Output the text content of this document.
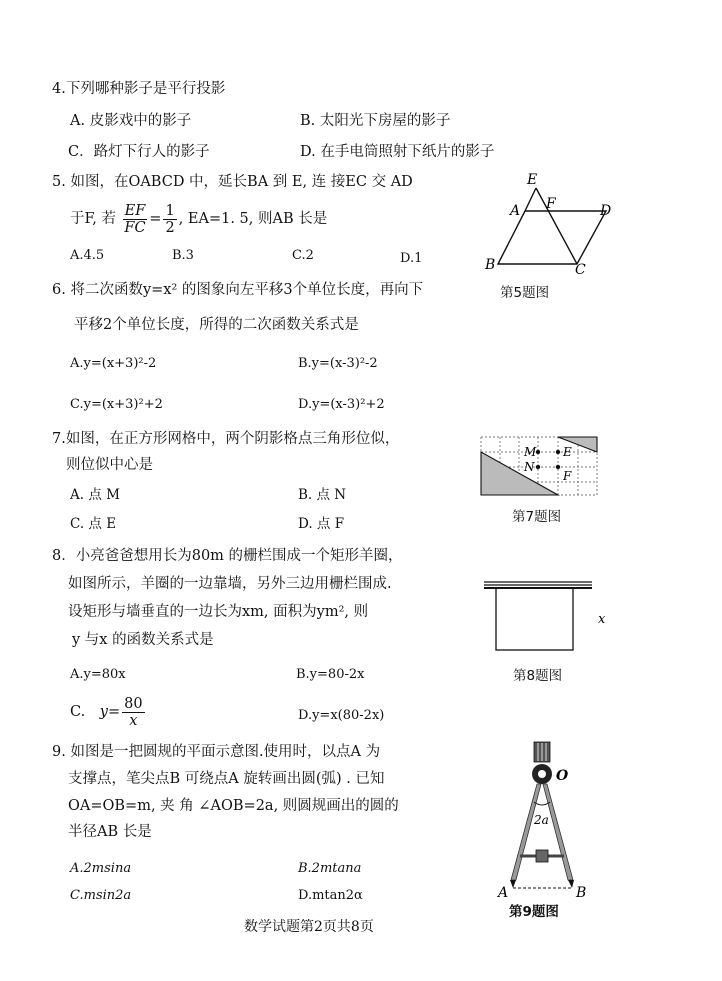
4.下列哪种影子是平行投影
A. 皮影戏中的影子	B. 太阳光下房屋的影子
C．路灯下行人的影子	D. 在手电筒照射下纸片的影子
5. 如图，在OABCD 中，延长BA 到 E, 连 接EC 交 AD
于F, 若 $\frac{EF}{FC} = \frac{1}{2}$ , EA=1. 5, 则AB 长是
A.4.5	B.3	C.2	D.1
E
A F	D
B	C
第5题图
6. 将二次函数y=x² 的图象向左平移3个单位长度，再向下
平移2个单位长度，所得的二次函数关系式是
A.y=(x+3)²-2	B.y=(x-3)²-2
C.y=(x+3)²+2	D.y=(x-3)²+2
7.如图，在正方形网格中，两个阴影格点三角形位似，
则位似中心是
A. 点 M	B. 点 N
C. 点 E	D. 点 F
M
N
E
F
第7题图
8．小亮爸爸想用长为80m 的栅栏围成一个矩形羊圈，
如图所示，羊圈的一边靠墙，另外三边用栅栏围成.
设矩形与墙垂直的一边长为xm, 面积为ym², 则
y 与x 的函数关系式是
A.y=80x	B.y=80-2x
C. $y= \frac{80}{x}$	D.y=x(80-2x)
x
第8题图
9. 如图是一把圆规的平面示意图.使用时，以点A 为
支撑点，笔尖点B 可绕点A 旋转画出圆(弧) . 已知
OA=OB=m, 夹 角 ∠AOB=2a, 则圆规画出的圆的
半径AB 长是
A.2msina	B.2mtana
C.msin2a	D.mtan2α
O
2a
A	B
第9题图
数学试题第2页共8页
